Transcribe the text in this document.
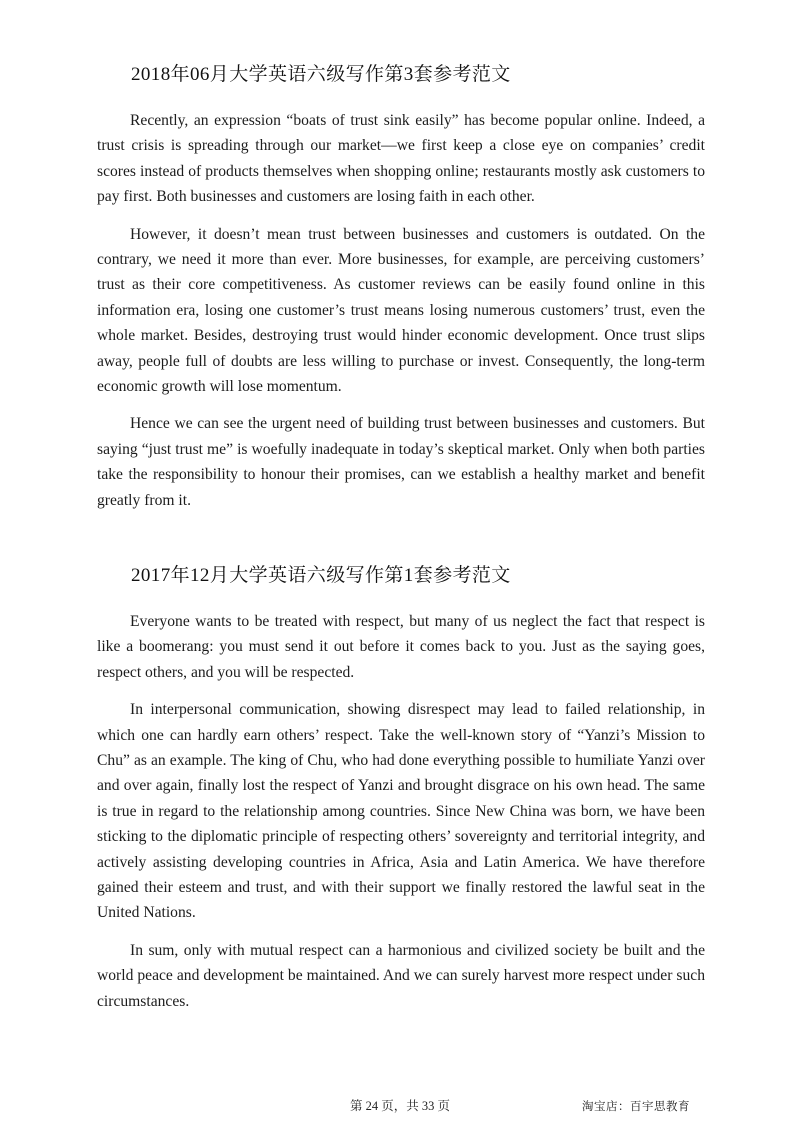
2018年06月大学英语六级写作第3套参考范文

Recently, an expression “boats of trust sink easily” has become popular online. Indeed, a trust crisis is spreading through our market—we first keep a close eye on companies’ credit scores instead of products themselves when shopping online; restaurants mostly ask customers to pay first. Both businesses and customers are losing faith in each other.

However, it doesn’t mean trust between businesses and customers is outdated. On the contrary, we need it more than ever. More businesses, for example, are perceiving customers’ trust as their core competitiveness. As customer reviews can be easily found online in this information era, losing one customer’s trust means losing numerous customers’ trust, even the whole market. Besides, destroying trust would hinder economic development. Once trust slips away, people full of doubts are less willing to purchase or invest. Consequently, the long-term economic growth will lose momentum.

Hence we can see the urgent need of building trust between businesses and customers. But saying “just trust me” is woefully inadequate in today’s skeptical market. Only when both parties take the responsibility to honour their promises, can we establish a healthy market and benefit greatly from it.

2017年12月大学英语六级写作第1套参考范文

Everyone wants to be treated with respect, but many of us neglect the fact that respect is like a boomerang: you must send it out before it comes back to you. Just as the saying goes, respect others, and you will be respected.

In interpersonal communication, showing disrespect may lead to failed relationship, in which one can hardly earn others’ respect. Take the well-known story of “Yanzi’s Mission to Chu” as an example. The king of Chu, who had done everything possible to humiliate Yanzi over and over again, finally lost the respect of Yanzi and brought disgrace on his own head. The same is true in regard to the relationship among countries. Since New China was born, we have been sticking to the diplomatic principle of respecting others’ sovereignty and territorial integrity, and actively assisting developing countries in Africa, Asia and Latin America. We have therefore gained their esteem and trust, and with their support we finally restored the lawful seat in the United Nations.

In sum, only with mutual respect can a harmonious and civilized society be built and the world peace and development be maintained. And we can surely harvest more respect under such circumstances.

第 24 页，共 33 页	淘宝店：百宇思教育
